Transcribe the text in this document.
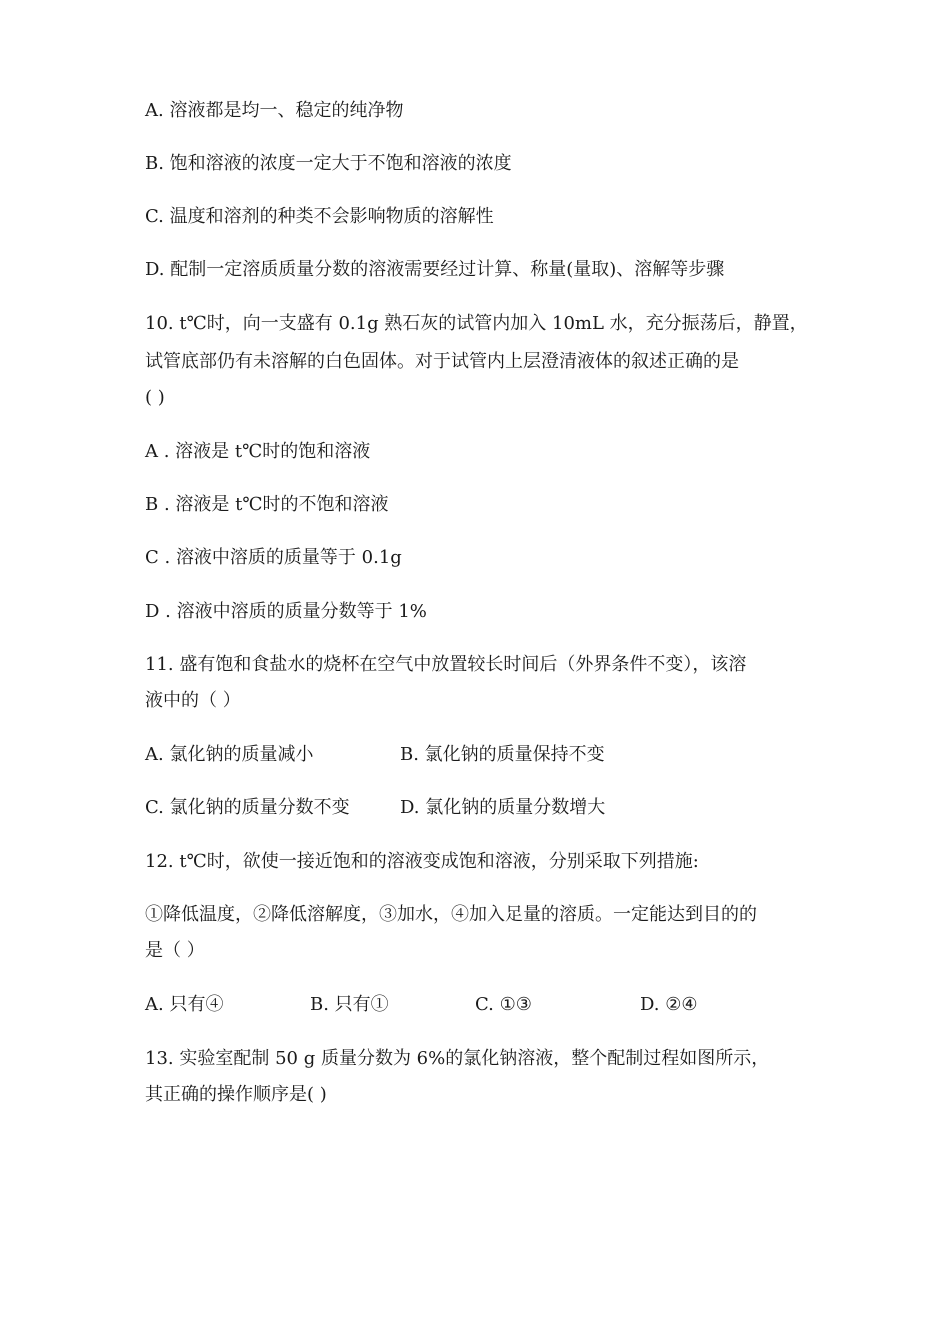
A. 溶液都是均一、稳定的纯净物
B. 饱和溶液的浓度一定大于不饱和溶液的浓度
C. 温度和溶剂的种类不会影响物质的溶解性
D. 配制一定溶质质量分数的溶液需要经过计算、称量(量取)、溶解等步骤
10. t℃时，向一支盛有 0.1g 熟石灰的试管内加入 10mL 水，充分振荡后，静置，
试管底部仍有未溶解的白色固体。对于试管内上层澄清液体的叙述正确的是
( )
A . 溶液是 t℃时的饱和溶液
B . 溶液是 t℃时的不饱和溶液
C . 溶液中溶质的质量等于 0.1g
D . 溶液中溶质的质量分数等于 1%
11. 盛有饱和食盐水的烧杯在空气中放置较长时间后（外界条件不变），该溶
液中的（ ）
A. 氯化钠的质量减小	B. 氯化钠的质量保持不变
C. 氯化钠的质量分数不变	D. 氯化钠的质量分数增大
12. t℃时，欲使一接近饱和的溶液变成饱和溶液，分别采取下列措施:
①降低温度，②降低溶解度，③加水，④加入足量的溶质。一定能达到目的的
是（ ）
A. 只有④	B. 只有①	C. ①③	D. ②④
13. 实验室配制 50 g 质量分数为 6%的氯化钠溶液，整个配制过程如图所示，
其正确的操作顺序是( )
